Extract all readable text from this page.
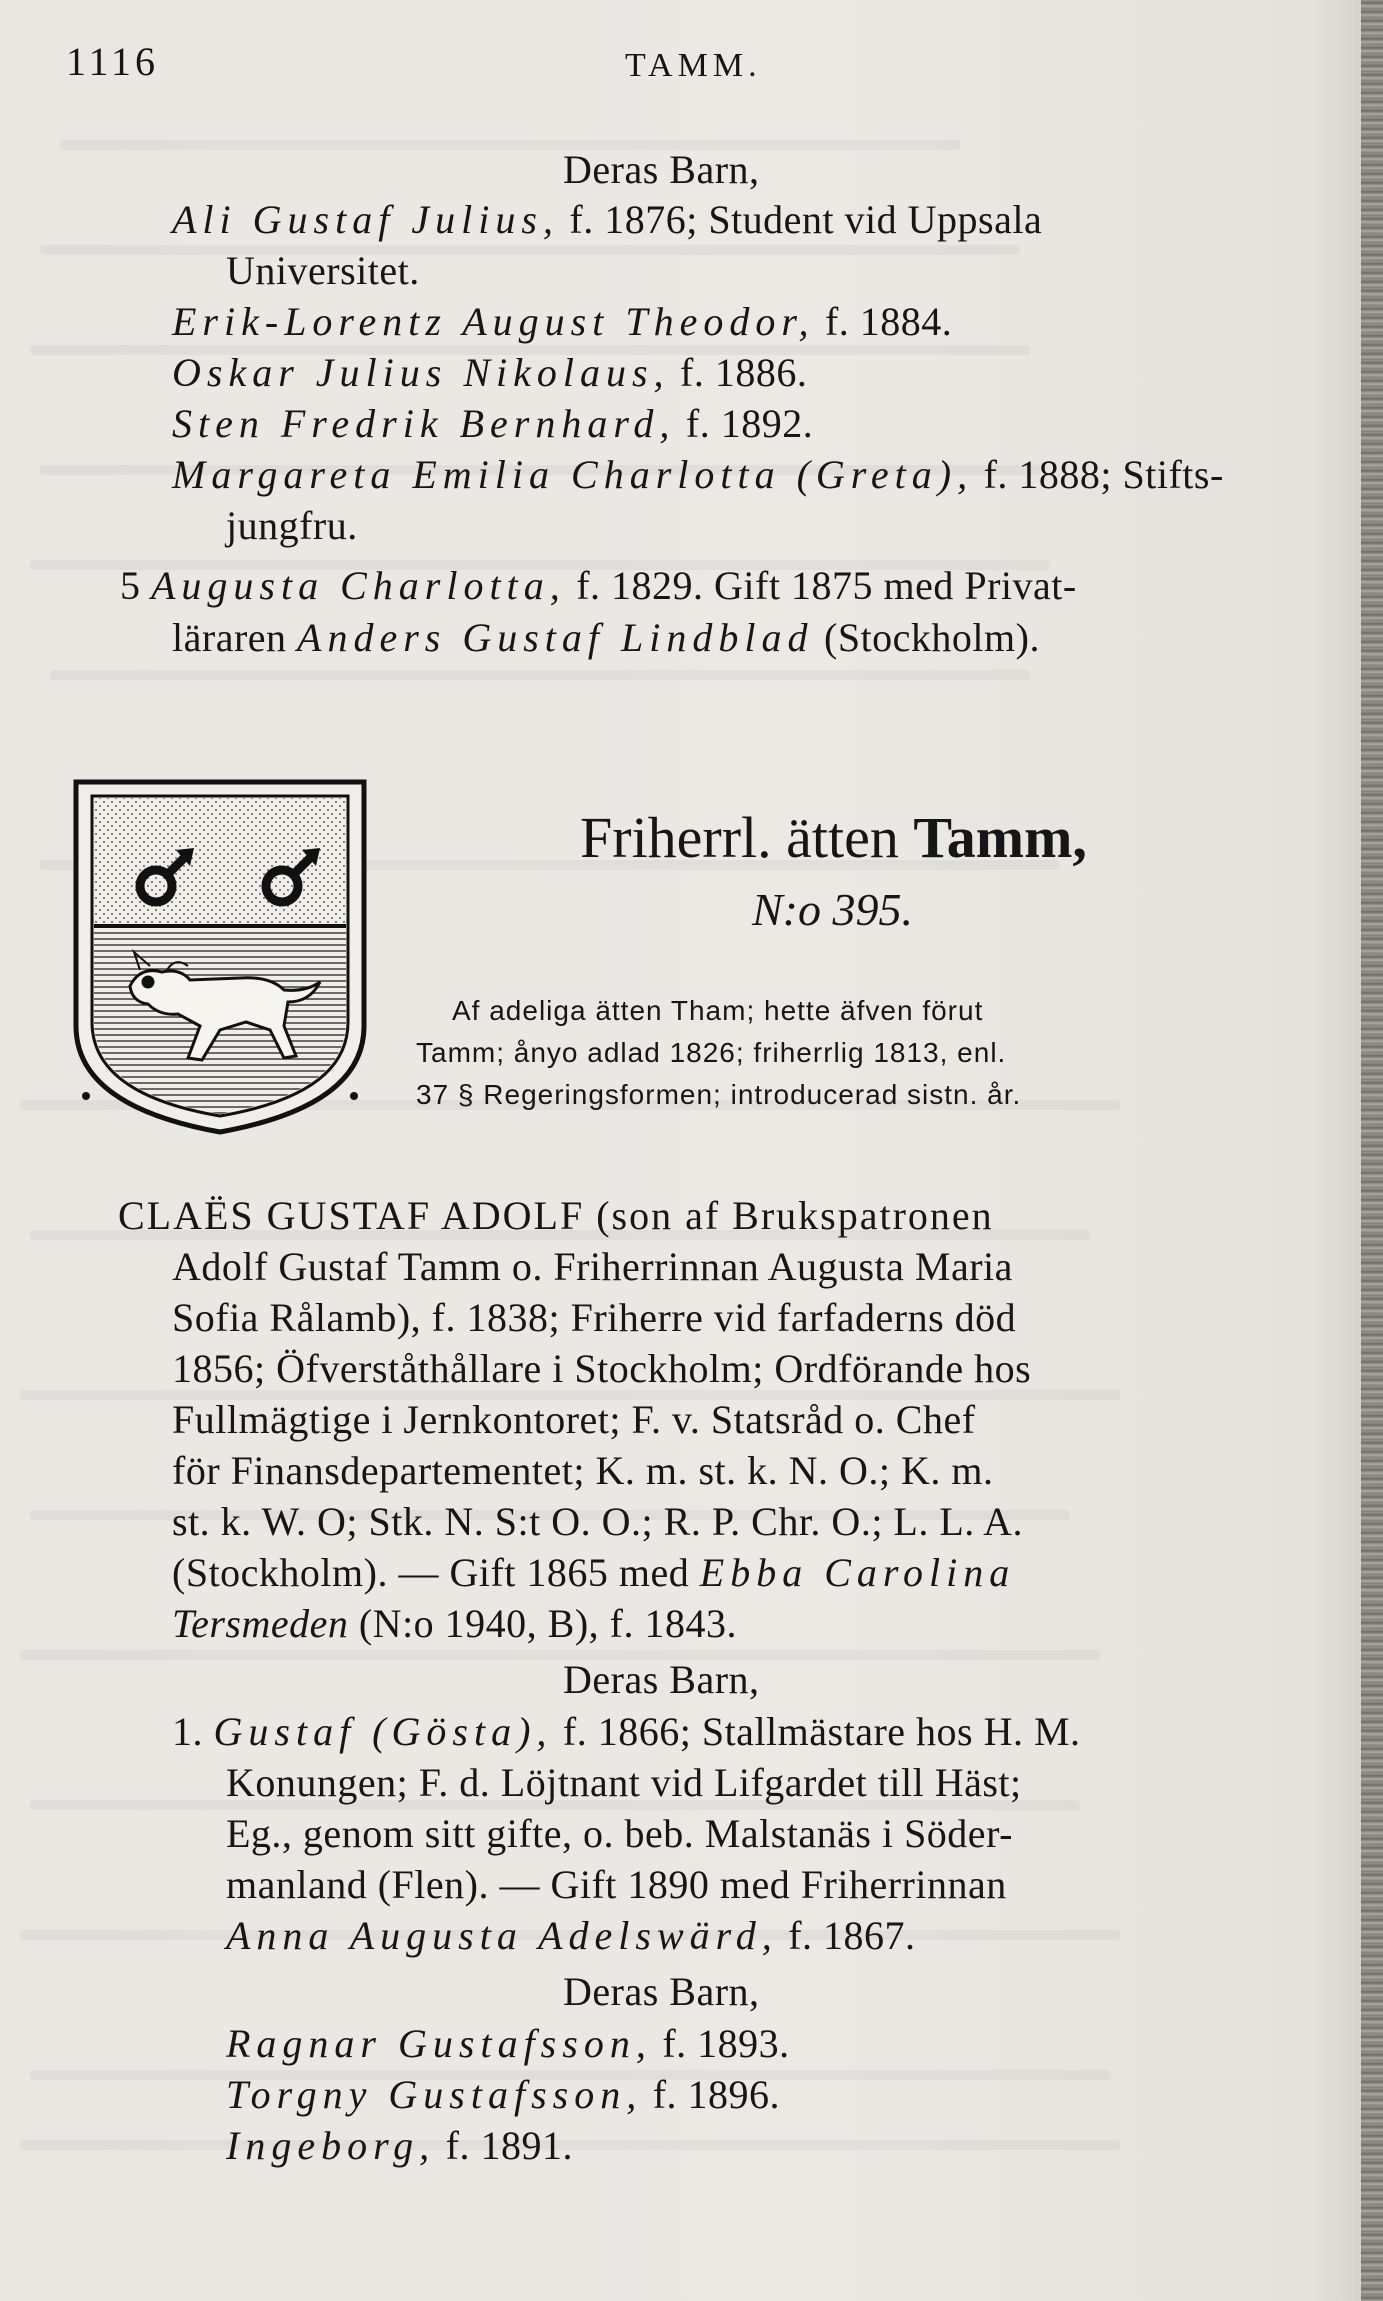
1116	TAMM.
Deras Barn,
Ali Gustaf Julius, f. 1876; Student vid Uppsala
Universitet.
Erik-Lorentz August Theodor, f. 1884.
Oskar Julius Nikolaus, f. 1886.
Sten Fredrik Bernhard, f. 1892.
Margareta Emilia Charlotta (Greta), f. 1888; Stifts-
jungfru.
5 Augusta Charlotta, f. 1829. Gift 1875 med Privat-
läraren Anders Gustaf Lindblad (Stockholm).
Friherrl. ätten Tamm,
N:o 395.
Af adeliga ätten Tham; hette äfven förut
Tamm; ånyo adlad 1826; friherrlig 1813, enl.
37 § Regeringsformen; introducerad sistn. år.
CLAËS GUSTAF ADOLF (son af Brukspatronen
Adolf Gustaf Tamm o. Friherrinnan Augusta Maria
Sofia Rålamb), f. 1838; Friherre vid farfaderns död
1856; Öfverståthållare i Stockholm; Ordförande hos
Fullmägtige i Jernkontoret; F. v. Statsråd o. Chef
för Finansdepartementet; K. m. st. k. N. O.; K. m.
st. k. W. O; Stk. N. S:t O. O.; R. P. Chr. O.; L. L. A.
(Stockholm). — Gift 1865 med Ebba Carolina
Tersmeden (N:o 1940, B), f. 1843.
Deras Barn,
1. Gustaf (Gösta), f. 1866; Stallmästare hos H. M.
Konungen; F. d. Löjtnant vid Lifgardet till Häst;
Eg., genom sitt gifte, o. beb. Malstanäs i Söder-
manland (Flen). — Gift 1890 med Friherrinnan
Anna Augusta Adelswärd, f. 1867.
Deras Barn,
Ragnar Gustafsson, f. 1893.
Torgny Gustafsson, f. 1896.
Ingeborg, f. 1891.
